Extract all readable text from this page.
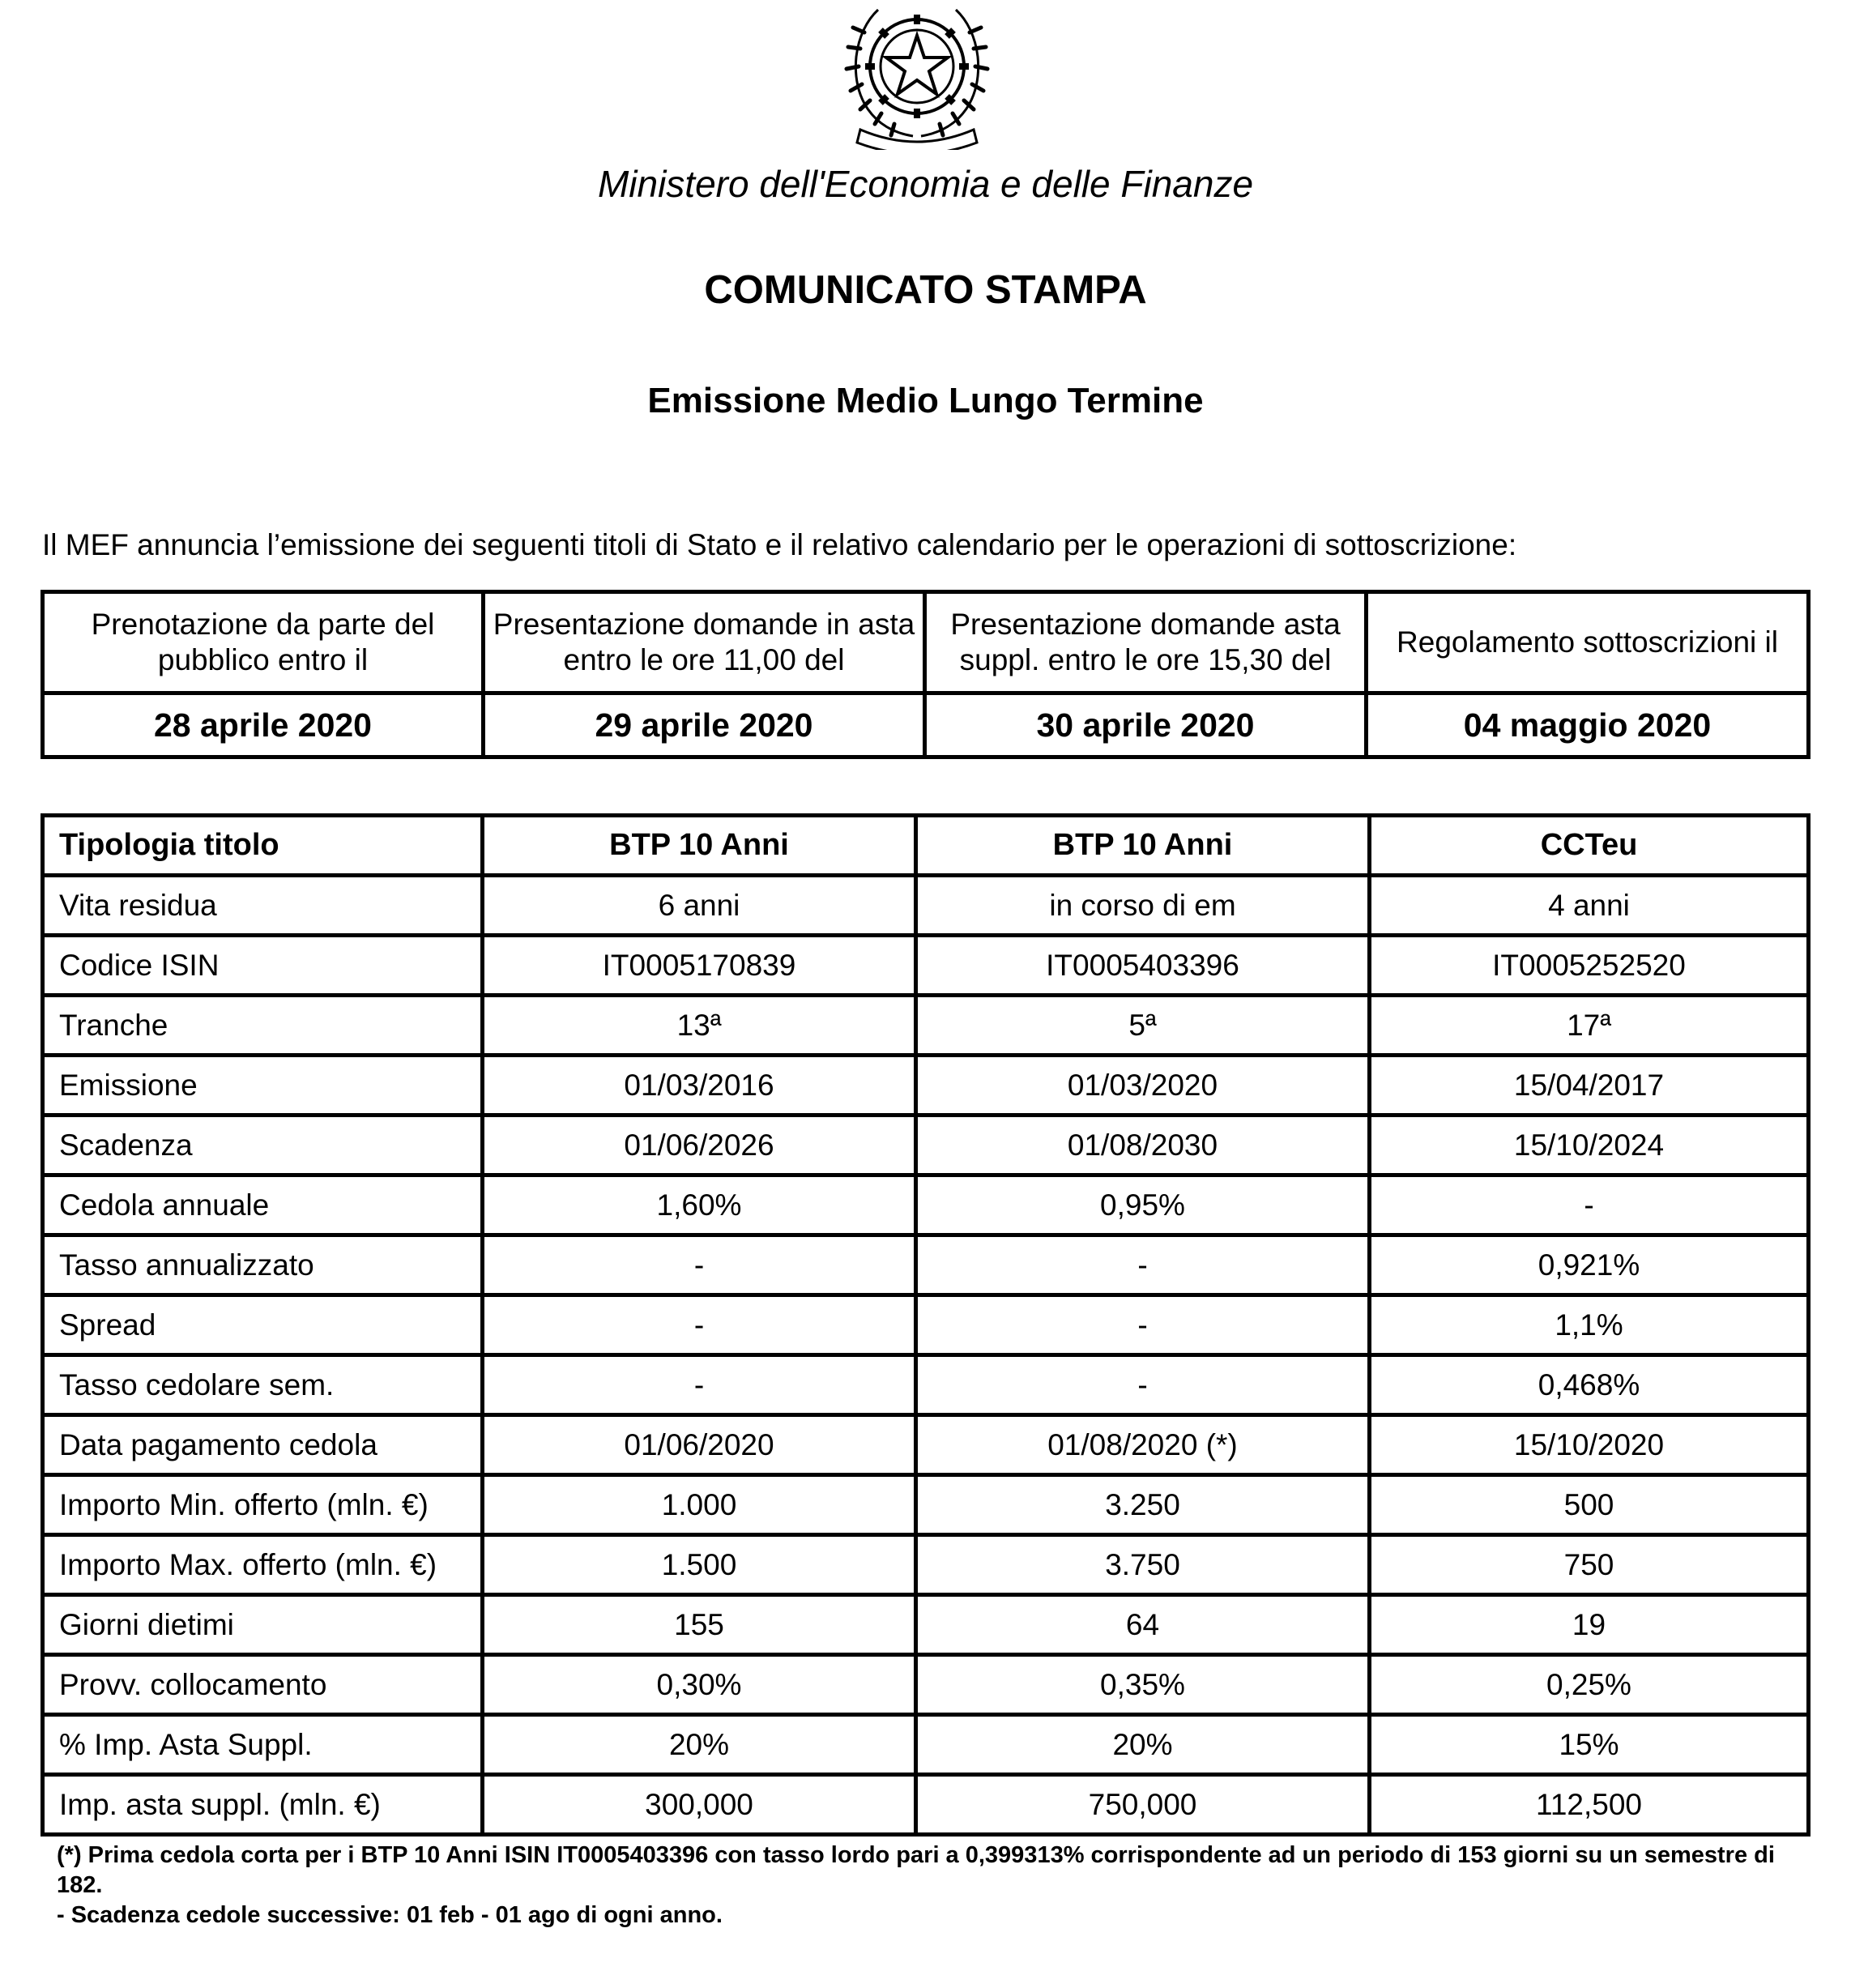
Ministero dell'Economia e delle Finanze
COMUNICATO STAMPA
Emissione Medio Lungo Termine
Il MEF annuncia l’emissione dei seguenti titoli di Stato e il relativo calendario per le operazioni di sottoscrizione:
Prenotazione da parte del pubblico entro il	Presentazione domande in asta entro le ore 11,00 del	Presentazione domande asta suppl. entro le ore 15,30 del	Regolamento sottoscrizioni il
28 aprile 2020	29 aprile 2020	30 aprile 2020	04 maggio 2020
Tipologia titolo	BTP 10 Anni	BTP 10 Anni	CCTeu
Vita residua	6 anni	in corso di em	4 anni
Codice ISIN	IT0005170839	IT0005403396	IT0005252520
Tranche	13ª	5ª	17ª
Emissione	01/03/2016	01/03/2020	15/04/2017
Scadenza	01/06/2026	01/08/2030	15/10/2024
Cedola annuale	1,60%	0,95%	-
Tasso annualizzato	-	-	0,921%
Spread	-	-	1,1%
Tasso cedolare sem.	-	-	0,468%
Data pagamento cedola	01/06/2020	01/08/2020 (*)	15/10/2020
Importo Min. offerto (mln. €)	1.000	3.250	500
Importo Max. offerto (mln. €)	1.500	3.750	750
Giorni dietimi	155	64	19
Provv. collocamento	0,30%	0,35%	0,25%
% Imp. Asta Suppl.	20%	20%	15%
Imp. asta suppl. (mln. €)	300,000	750,000	112,500

(*) Prima cedola corta per i BTP 10 Anni ISIN IT0005403396 con tasso lordo pari a 0,399313% corrispondente ad un periodo di 153 giorni su un semestre di 182.

- Scadenza cedole successive: 01 feb - 01 ago di ogni anno.
